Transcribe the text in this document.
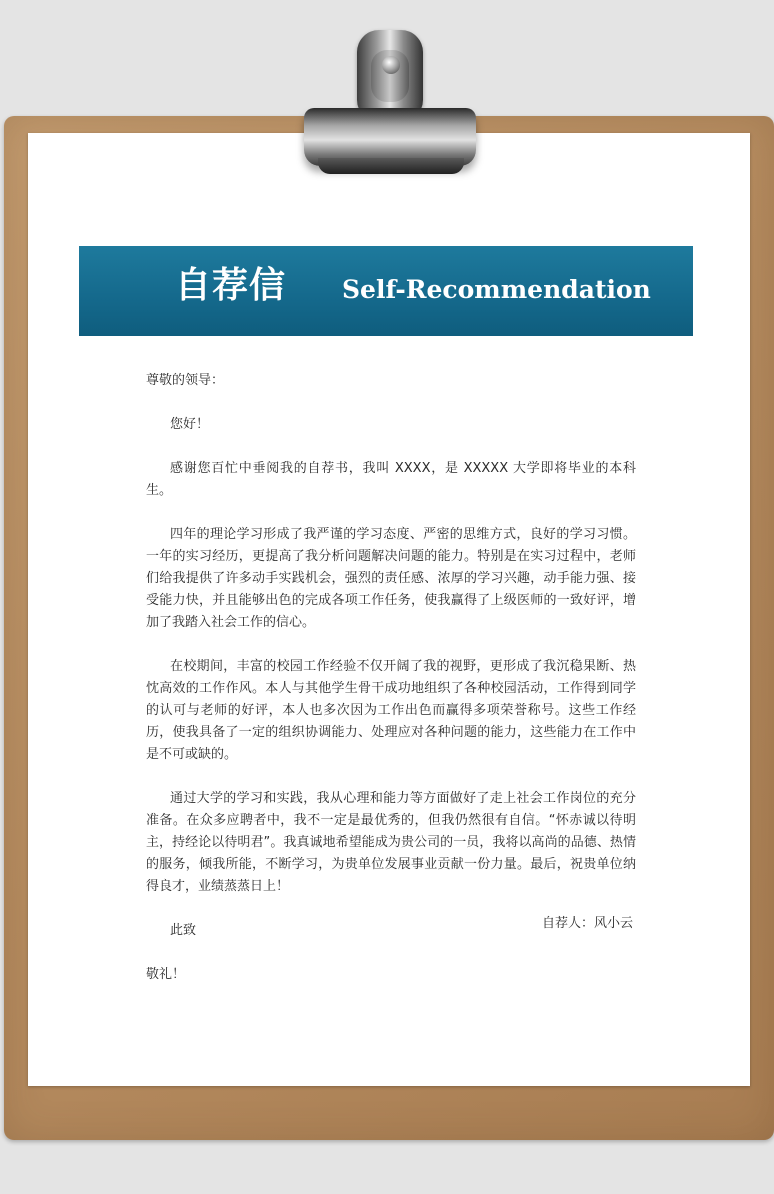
自荐信 Self-Recommendation

尊敬的领导：

您好！

感谢您百忙中垂阅我的自荐书，我叫 XXXX，是 XXXXX 大学即将毕业的本科生。

四年的理论学习形成了我严谨的学习态度、严密的思维方式，良好的学习习惯。一年的实习经历，更提高了我分析问题解决问题的能力。特别是在实习过程中，老师们给我提供了许多动手实践机会，强烈的责任感、浓厚的学习兴趣，动手能力强、接受能力快，并且能够出色的完成各项工作任务，使我赢得了上级医师的一致好评，增加了我踏入社会工作的信心。

在校期间，丰富的校园工作经验不仅开阔了我的视野，更形成了我沉稳果断、热忱高效的工作作风。本人与其他学生骨干成功地组织了各种校园活动，工作得到同学的认可与老师的好评，本人也多次因为工作出色而赢得多项荣誉称号。这些工作经历，使我具备了一定的组织协调能力、处理应对各种问题的能力，这些能力在工作中是不可或缺的。

通过大学的学习和实践，我从心理和能力等方面做好了走上社会工作岗位的充分准备。在众多应聘者中，我不一定是最优秀的，但我仍然很有自信。“怀赤诚以待明主，持经论以待明君”。我真诚地希望能成为贵公司的一员，我将以高尚的品德、热情的服务，倾我所能，不断学习，为贵单位发展事业贡献一份力量。最后，祝贵单位纳得良才，业绩蒸蒸日上！

此致

敬礼！

自荐人：风小云
